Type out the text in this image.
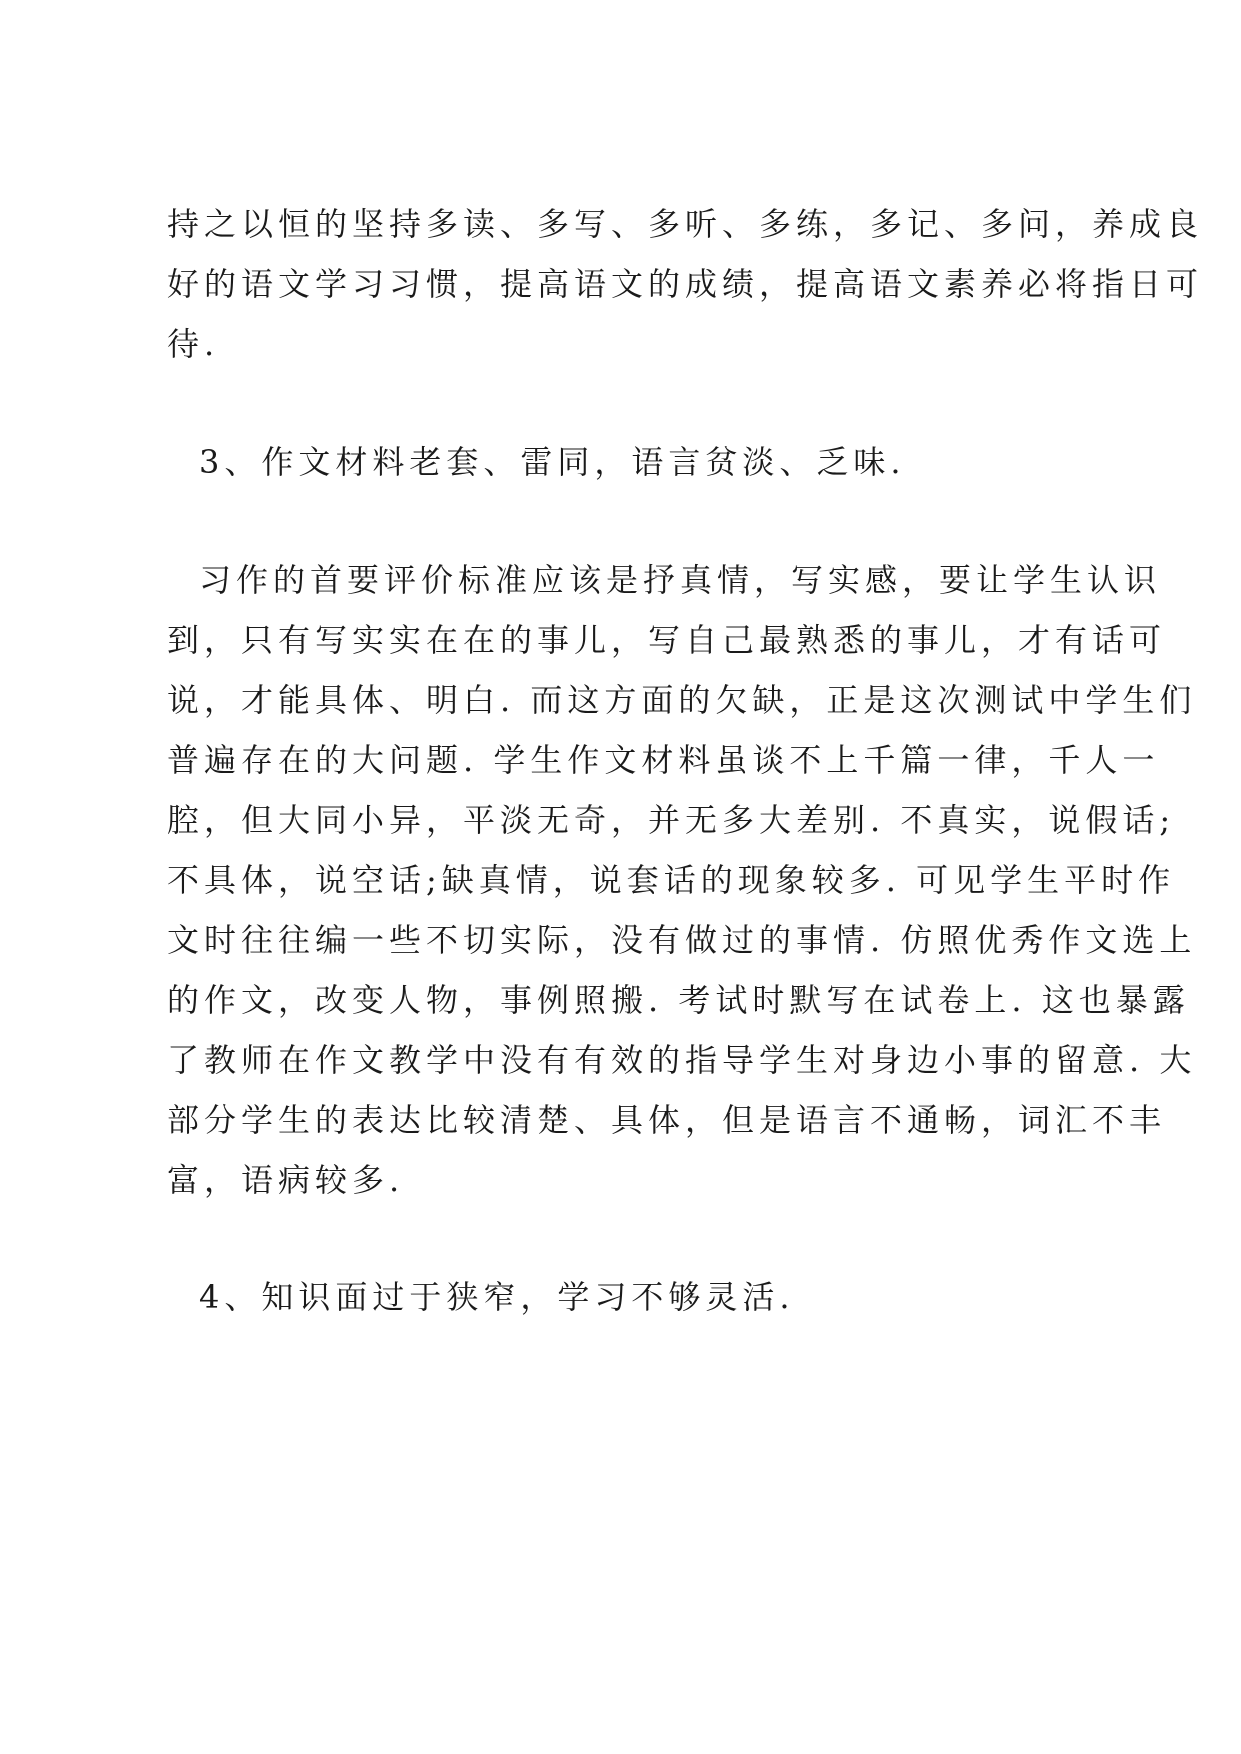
持之以恒的坚持多读、多写、多听、多练，多记、多问，养成良
好的语文学习习惯，提高语文的成绩，提高语文素养必将指日可
待.
3、作文材料老套、雷同，语言贫淡、乏味.
习作的首要评价标准应该是抒真情，写实感，要让学生认识
到，只有写实实在在的事儿，写自己最熟悉的事儿，才有话可
说，才能具体、明白. 而这方面的欠缺，正是这次测试中学生们
普遍存在的大问题. 学生作文材料虽谈不上千篇一律，千人一
腔，但大同小异，平淡无奇，并无多大差别. 不真实，说假话;
不具体，说空话;缺真情，说套话的现象较多. 可见学生平时作
文时往往编一些不切实际，没有做过的事情. 仿照优秀作文选上
的作文，改变人物，事例照搬. 考试时默写在试卷上. 这也暴露
了教师在作文教学中没有有效的指导学生对身边小事的留意. 大
部分学生的表达比较清楚、具体，但是语言不通畅，词汇不丰
富，语病较多.
4、知识面过于狭窄，学习不够灵活.
